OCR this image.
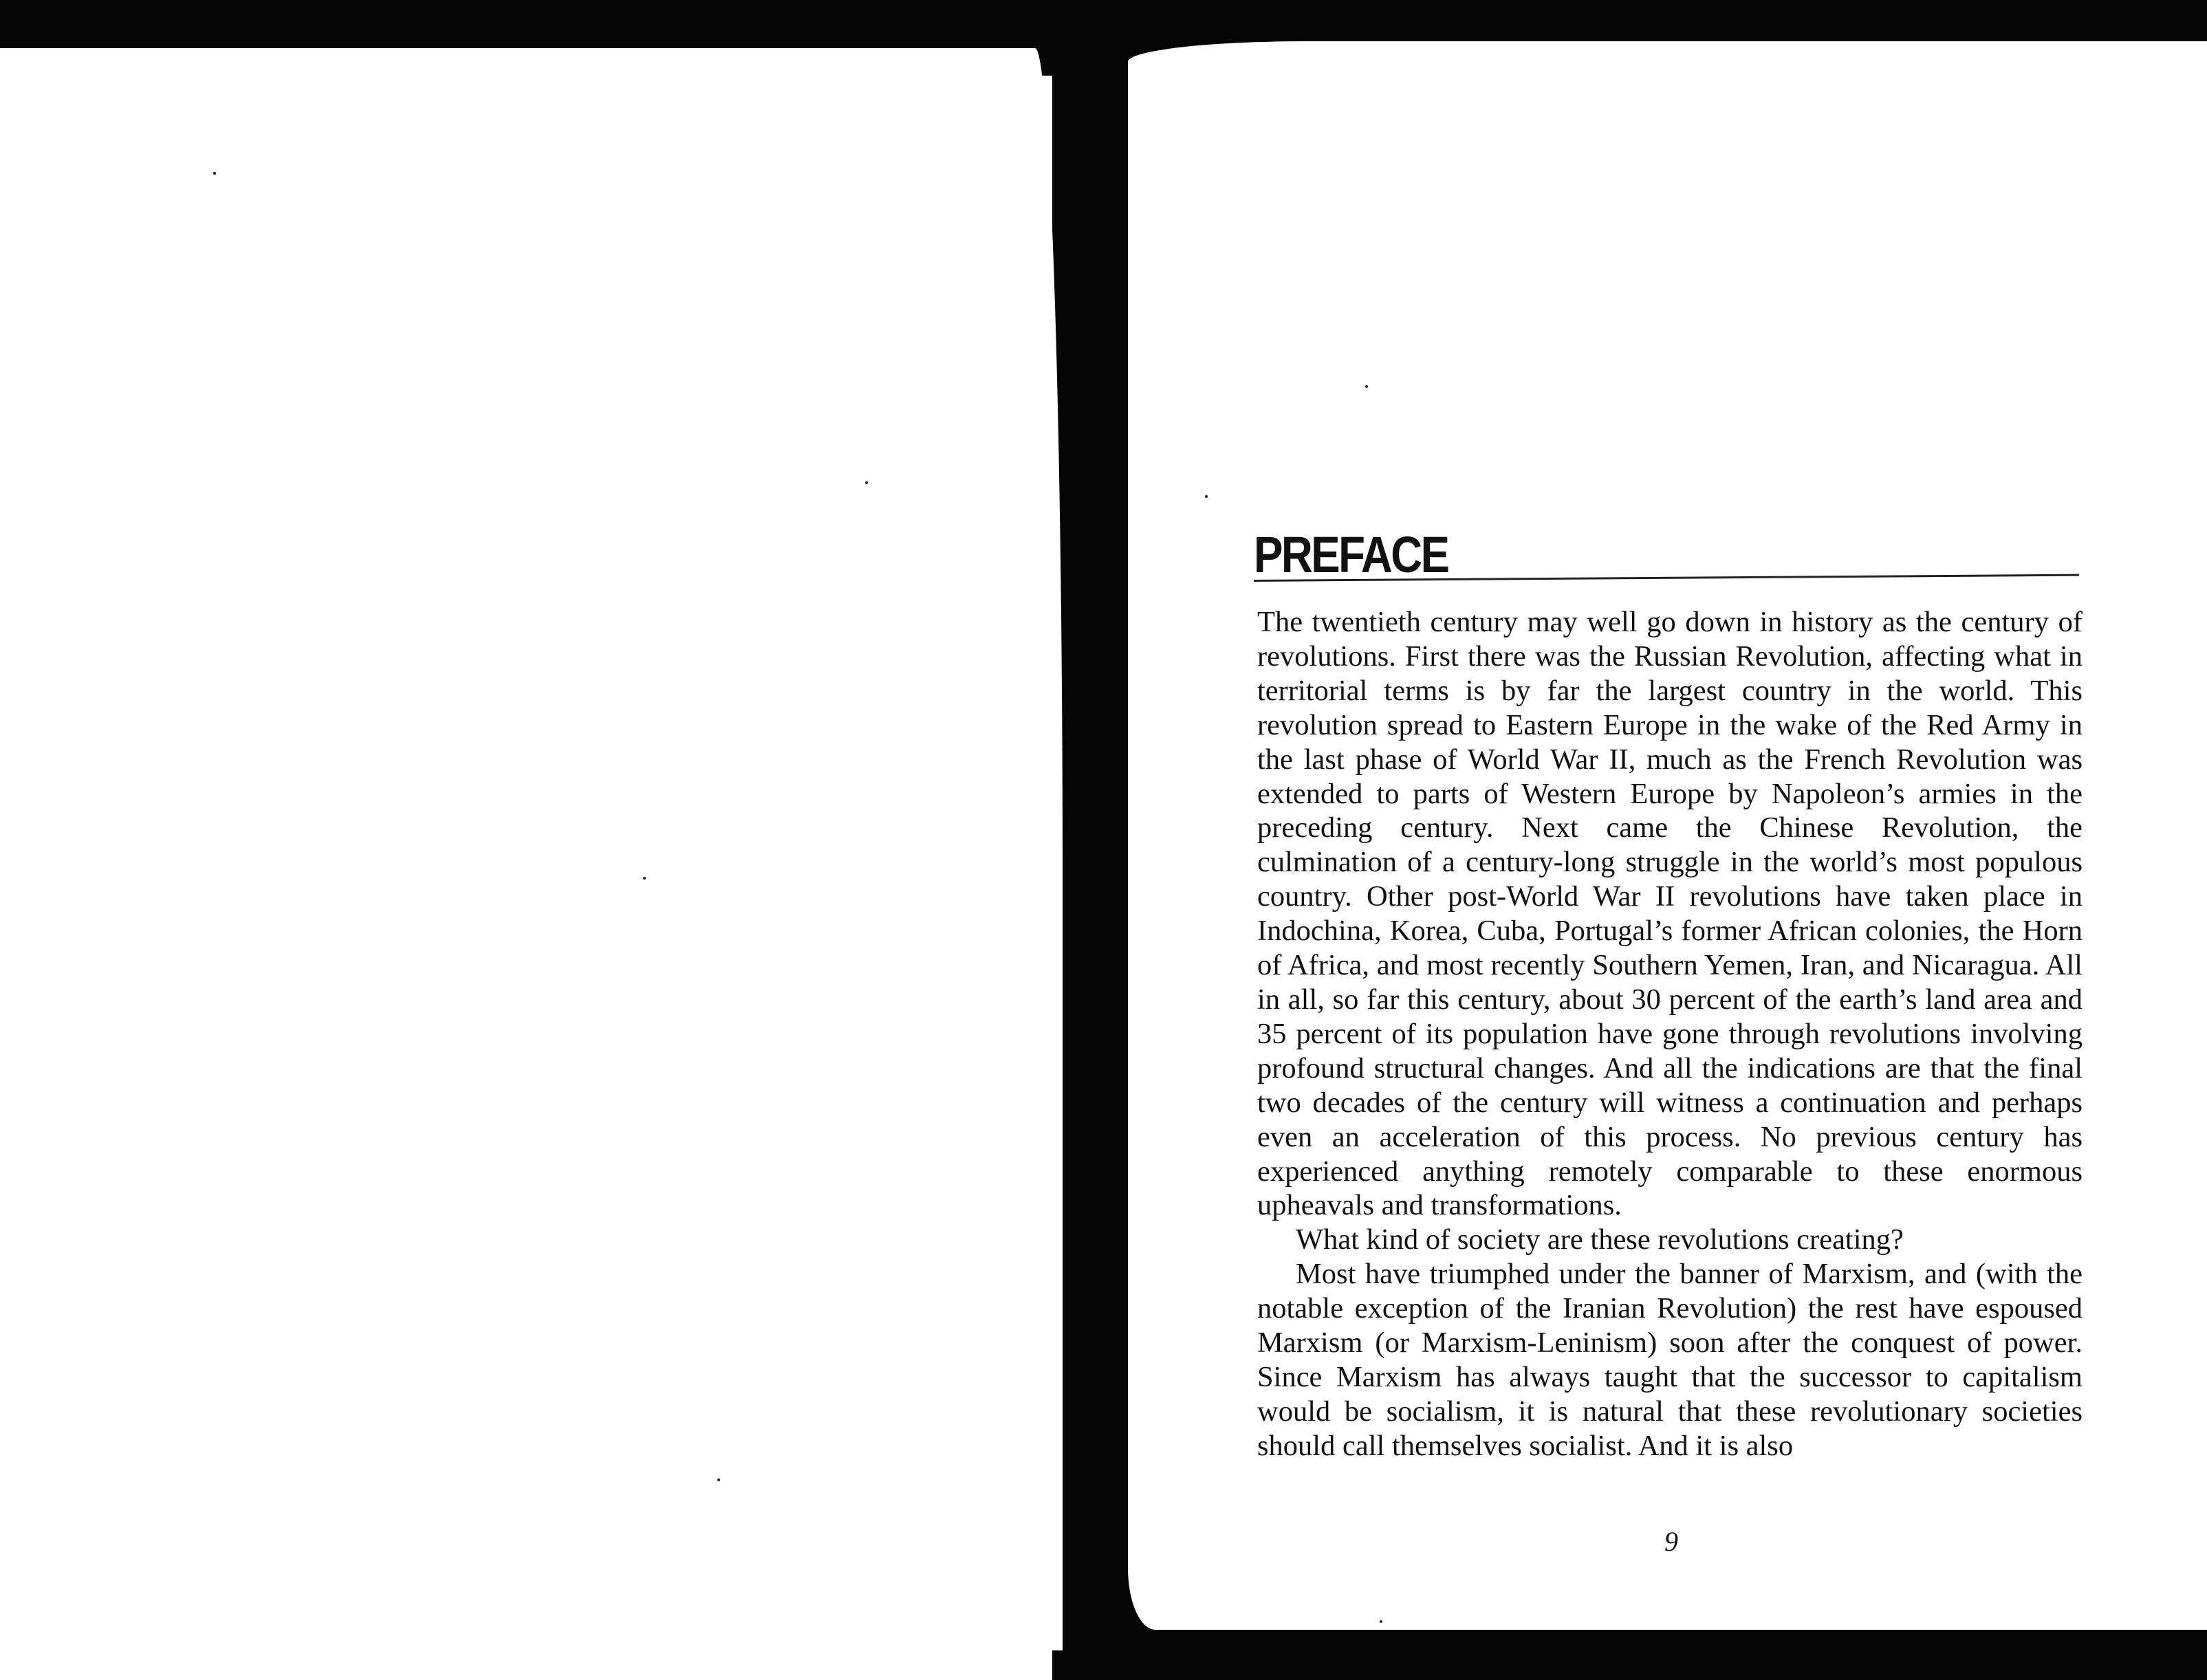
PREFACE

The twentieth century may well go down in history as the century of revolutions. First there was the Russian Revolution, affecting what in territorial terms is by far the largest country in the world. This revolution spread to Eastern Europe in the wake of the Red Army in the last phase of World War II, much as the French Revolution was extended to parts of Western Europe by Napoleon’s armies in the preceding century. Next came the Chinese Revolution, the culmination of a century-long struggle in the world’s most populous country. Other post-World War II revolutions have taken place in Indochina, Korea, Cuba, Portugal’s former African colonies, the Horn of Africa, and most recently Southern Yemen, Iran, and Nicaragua. All in all, so far this century, about 30 percent of the earth’s land area and 35 percent of its population have gone through revolutions involving profound structural changes. And all the indications are that the final two decades of the century will witness a continuation and perhaps even an acceleration of this process. No previous century has experienced anything remotely comparable to these enormous upheavals and transformations.

What kind of society are these revolutions creating?

Most have triumphed under the banner of Marxism, and (with the notable exception of the Iranian Revolution) the rest have espoused Marxism (or Marxism-Leninism) soon after the conquest of power. Since Marxism has always taught that the successor to capitalism would be socialism, it is natural that these revolutionary societies should call themselves socialist. And it is also

9
